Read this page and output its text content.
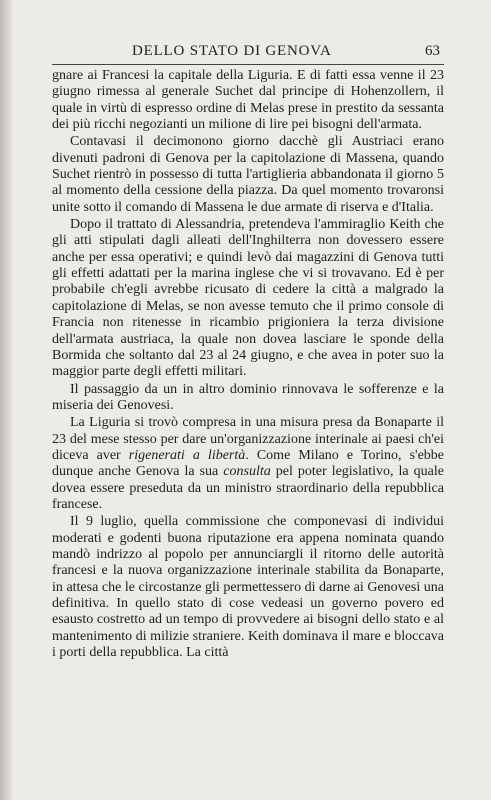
DELLO STATO DI GENOVA	63

gnare ai Francesi la capitale della Liguria. E di fatti essa venne il 23 giugno rimessa al generale Suchet dal principe di Hohenzollern, il quale in virtù di espresso ordine di Melas prese in prestito da sessanta dei più ricchi negozianti un milione di lire pei bisogni dell'armata.

Contavasi il decimonono giorno dacchè gli Austriaci erano divenuti padroni di Genova per la capitolazione di Massena, quando Suchet rientrò in possesso di tutta l'artiglieria abbandonata il giorno 5 al momento della cessione della piazza. Da quel momento trovaronsi unite sotto il comando di Massena le due armate di riserva e d'Italia.

Dopo il trattato di Alessandria, pretendeva l'ammiraglio Keith che gli atti stipulati dagli alleati dell'Inghilterra non dovessero essere anche per essa operativi; e quindi levò dai magazzini di Genova tutti gli effetti adattati per la marina inglese che vi si trovavano. Ed è per probabile ch'egli avrebbe ricusato di cedere la città a malgrado la capitolazione di Melas, se non avesse temuto che il primo console di Francia non ritenesse in ricambio prigioniera la terza divisione dell'armata austriaca, la quale non dovea lasciare le sponde della Bormida che soltanto dal 23 al 24 giugno, e che avea in poter suo la maggior parte degli effetti militari.

Il passaggio da un in altro dominio rinnovava le sofferenze e la miseria dei Genovesi.

La Liguria si trovò compresa in una misura presa da Bonaparte il 23 del mese stesso per dare un'organizzazione interinale ai paesi ch'ei diceva aver rigenerati a libertà. Come Milano e Torino, s'ebbe dunque anche Genova la sua consulta pel poter legislativo, la quale dovea essere preseduta da un ministro straordinario della repubblica francese.

Il 9 luglio, quella commissione che componevasi di individui moderati e godenti buona riputazione era appena nominata quando mandò indrizzo al popolo per annunciargli il ritorno delle autorità francesi e la nuova organizzazione interinale stabilita da Bonaparte, in attesa che le circostanze gli permettessero di darne ai Genovesi una definitiva. In quello stato di cose vedeasi un governo povero ed esausto costretto ad un tempo di provvedere ai bisogni dello stato e al mantenimento di milizie straniere. Keith dominava il mare e bloccava i porti della repubblica. La città
